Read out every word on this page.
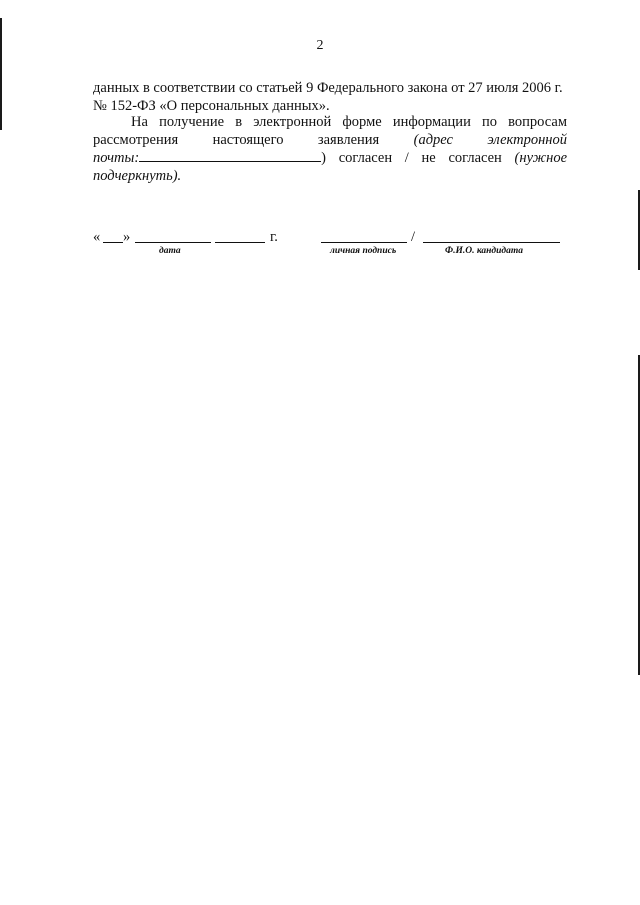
2
данных в соответствии со статьей 9 Федерального закона от 27 июля 2006 г.
№ 152-ФЗ «О персональных данных».
На получение в электронной форме информации по вопросам
рассмотрения настоящего заявления (адрес электронной
почты:	) согласен / не согласен (нужное
подчеркнуть).
« »	г.
дата
/
личная подпись	Ф.И.О. кандидата
